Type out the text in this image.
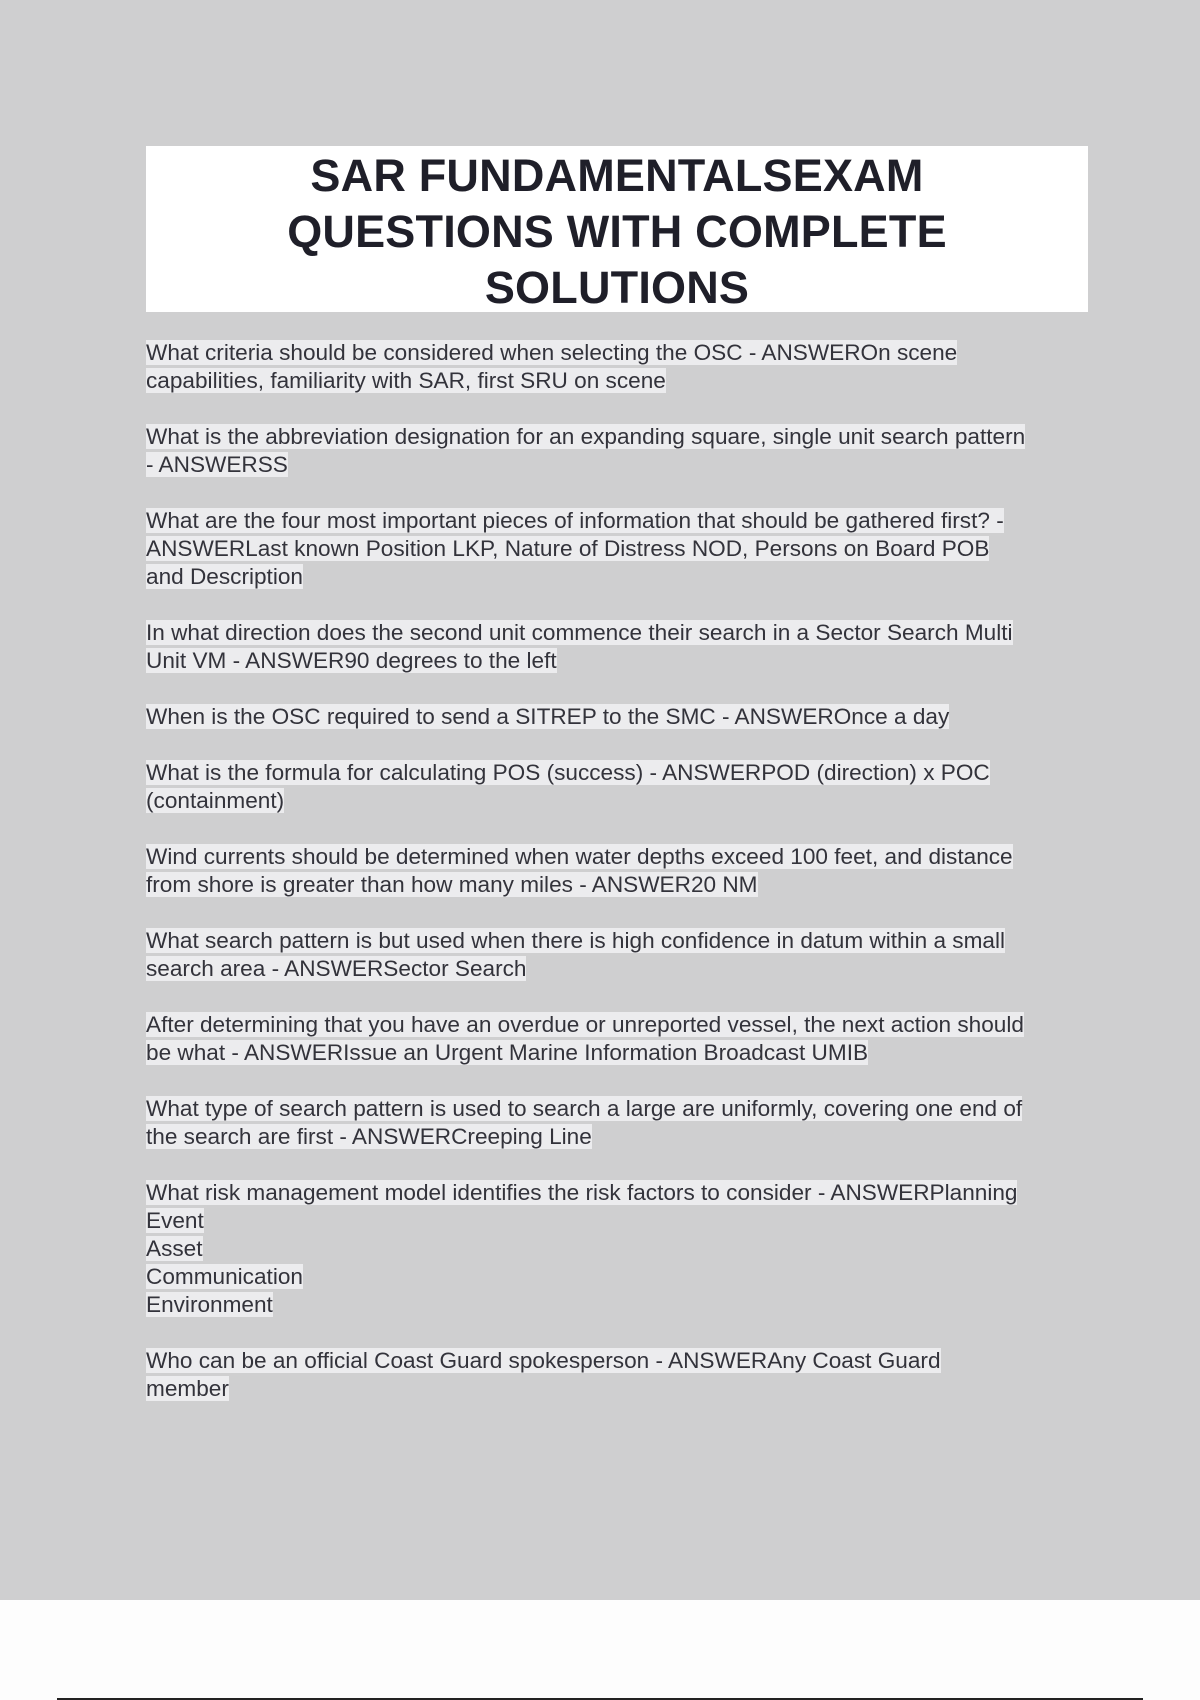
SAR FUNDAMENTALSEXAM
QUESTIONS WITH COMPLETE
SOLUTIONS
What criteria should be considered when selecting the OSC - ANSWEROn scene
capabilities, familiarity with SAR, first SRU on scene
What is the abbreviation designation for an expanding square, single unit search pattern
- ANSWERSS
What are the four most important pieces of information that should be gathered first? -
ANSWERLast known Position LKP, Nature of Distress NOD, Persons on Board POB
and Description
In what direction does the second unit commence their search in a Sector Search Multi
Unit VM - ANSWER90 degrees to the left
When is the OSC required to send a SITREP to the SMC - ANSWEROnce a day
What is the formula for calculating POS (success) - ANSWERPOD (direction) x POC
(containment)
Wind currents should be determined when water depths exceed 100 feet, and distance
from shore is greater than how many miles - ANSWER20 NM
What search pattern is but used when there is high confidence in datum within a small
search area - ANSWERSector Search
After determining that you have an overdue or unreported vessel, the next action should
be what - ANSWERIssue an Urgent Marine Information Broadcast UMIB
What type of search pattern is used to search a large are uniformly, covering one end of
the search are first - ANSWERCreeping Line
What risk management model identifies the risk factors to consider - ANSWERPlanning
Event
Asset
Communication
Environment
Who can be an official Coast Guard spokesperson - ANSWERAny Coast Guard
member
